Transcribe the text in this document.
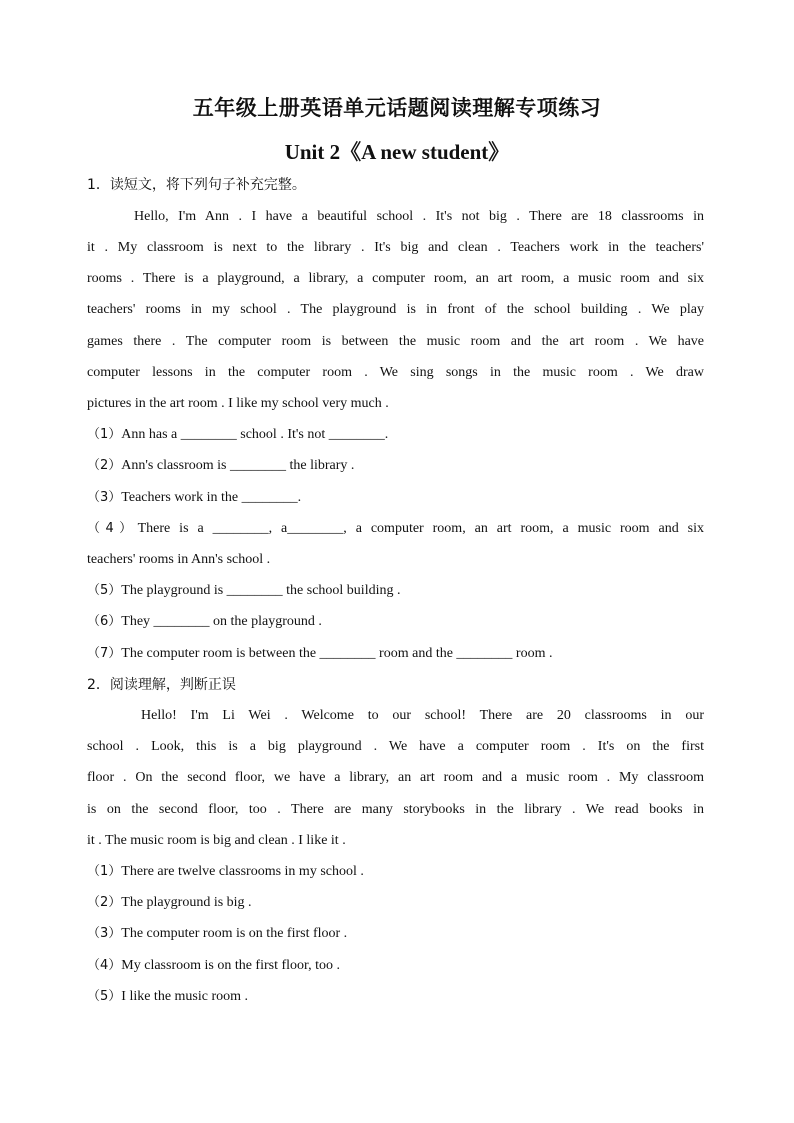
五年级上册英语单元话题阅读理解专项练习
Unit 2《A new student》
1．读短文，将下列句子补充完整。
Hello, I'm Ann . I have a beautiful school . It's not big . There are 18 classrooms in
it . My classroom is next to the library . It's big and clean . Teachers work in the teachers'
rooms . There is a playground, a library, a computer room, an art room, a music room and six
teachers' rooms in my school . The playground is in front of the school building . We play
games there . The computer room is between the music room and the art room . We have
computer lessons in the computer room . We sing songs in the music room . We draw
pictures in the art room . I like my school very much .
（1）Ann has a ________ school . It's not ________.
（2）Ann's classroom is ________ the library .
（3）Teachers work in the ________.
（4）There is a ________, a________, a computer room, an art room, a music room and six
teachers' rooms in Ann's school .
（5）The playground is ________ the school building .
（6）They ________ on the playground .
（7）The computer room is between the ________ room and the ________ room .
2．阅读理解，判断正误
Hello! I'm Li Wei . Welcome to our school! There are 20 classrooms in our
school . Look, this is a big playground . We have a computer room . It's on the first
floor . On the second floor, we have a library, an art room and a music room . My classroom
is on the second floor, too . There are many storybooks in the library . We read books in
it . The music room is big and clean . I like it .
（1）There are twelve classrooms in my school .
（2）The playground is big .
（3）The computer room is on the first floor .
（4）My classroom is on the first floor, too .
（5）I like the music room .
